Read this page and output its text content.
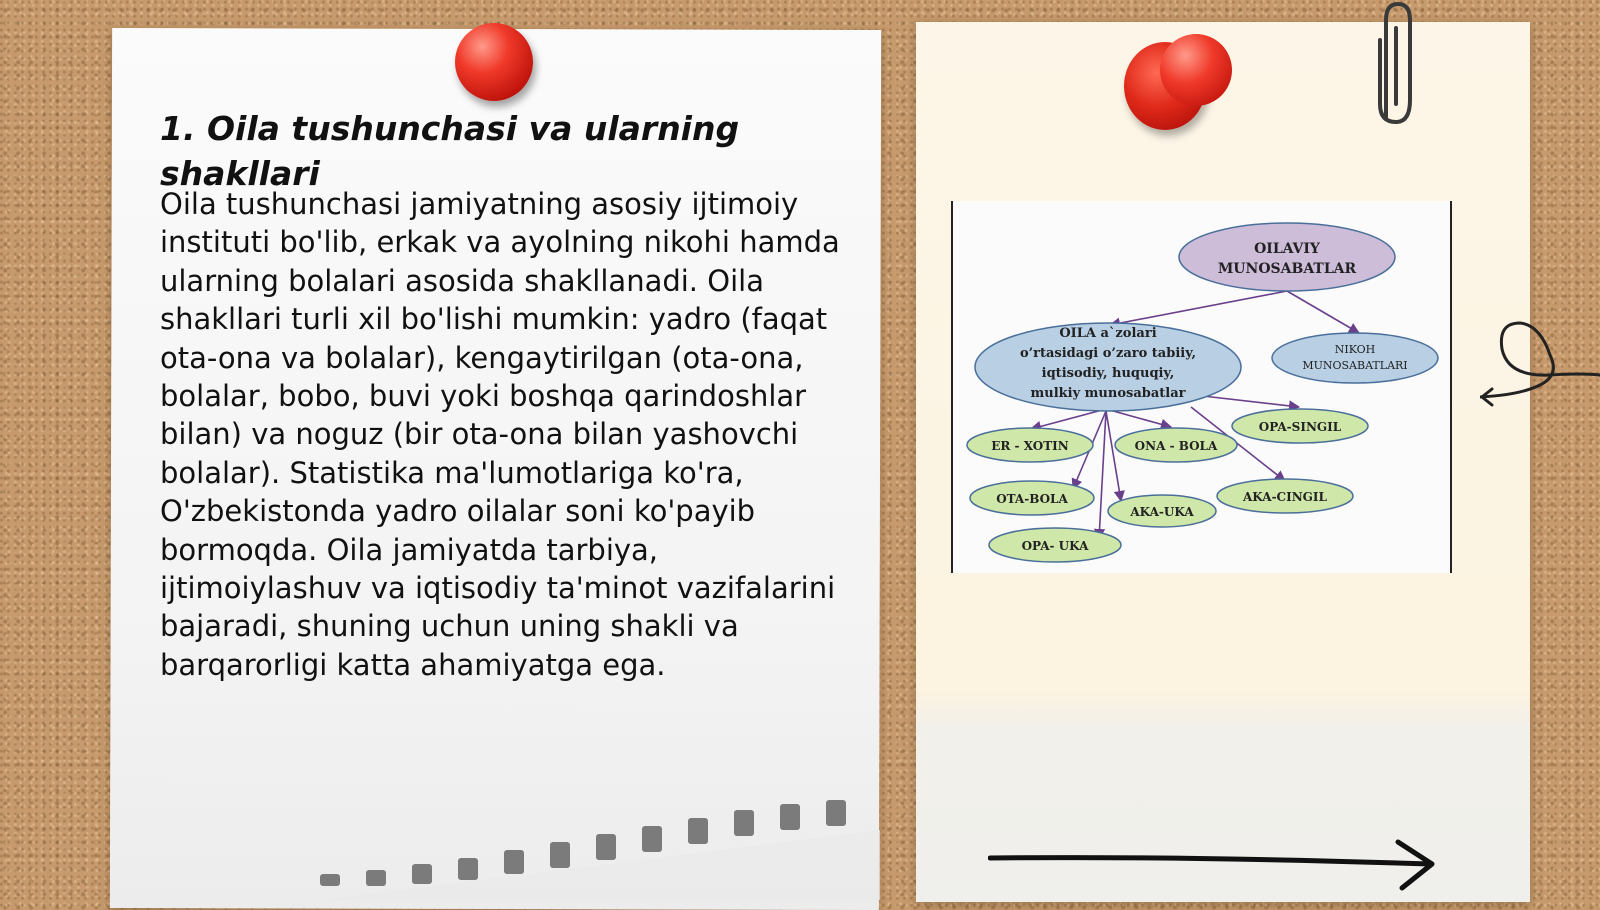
1. Oila tushunchasi va ularning shakllari

Oila tushunchasi jamiyatning asosiy ijtimoiy instituti bo'lib, erkak va ayolning nikohi hamda ularning bolalari asosida shakllanadi. Oila shakllari turli xil bo'lishi mumkin: yadro (faqat ota-ona va bolalar), kengaytirilgan (ota-ona, bolalar, bobo, buvi yoki boshqa qarindoshlar bilan) va noguz (bir ota-ona bilan yashovchi bolalar). Statistika ma'lumotlariga ko'ra, O'zbekistonda yadro oilalar soni ko'payib bormoqda. Oila jamiyatda tarbiya, ijtimoiylashuv va iqtisodiy ta'minot vazifalarini bajaradi, shuning uchun uning shakli va barqarorligi katta ahamiyatga ega.

OILAVIY
MUNOSABATLAR
OILA a`zolari
o’rtasidagi o’zaro tabiiy,
iqtisodiy, huquqiy,
mulkiy munosabatlar
NIKOH
MUNOSABATLARI
ER - XOTIN	ONA - BOLA
OPA-SINGIL
OTA-BOLA
AKA-UKA
AKA-CINGIL
OPA- UKA
